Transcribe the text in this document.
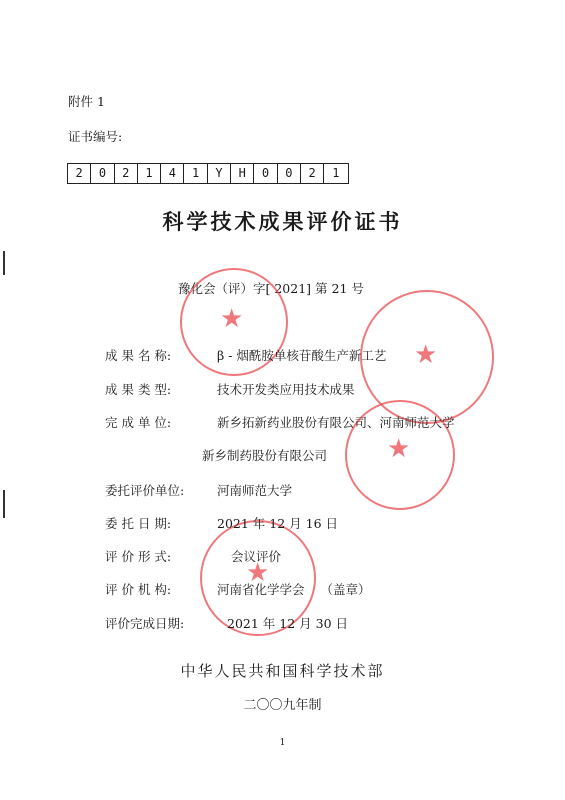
附件 1
证书编号:
2	0	2	1	4	1	Y	H	0	0	2	1
科学技术成果评价证书
豫化会（评）字[ 2021] 第 21 号
★
★
★
★
成 果 名 称:	β - 烟酰胺单核苷酸生产新工艺
成 果 类 型:	技术开发类应用技术成果
完 成 单 位:	新乡拓新药业股份有限公司、河南师范大学
新乡制药股份有限公司
委托评价单位:	河南师范大学
委 托 日 期:	2021 年 12 月 16 日
评 价 形 式:	会议评价
评 价 机 构:	河南省化学学会 （盖章）
评价完成日期:	2021 年 12 月 30 日
中华人民共和国科学技术部
二〇〇九年制
1
